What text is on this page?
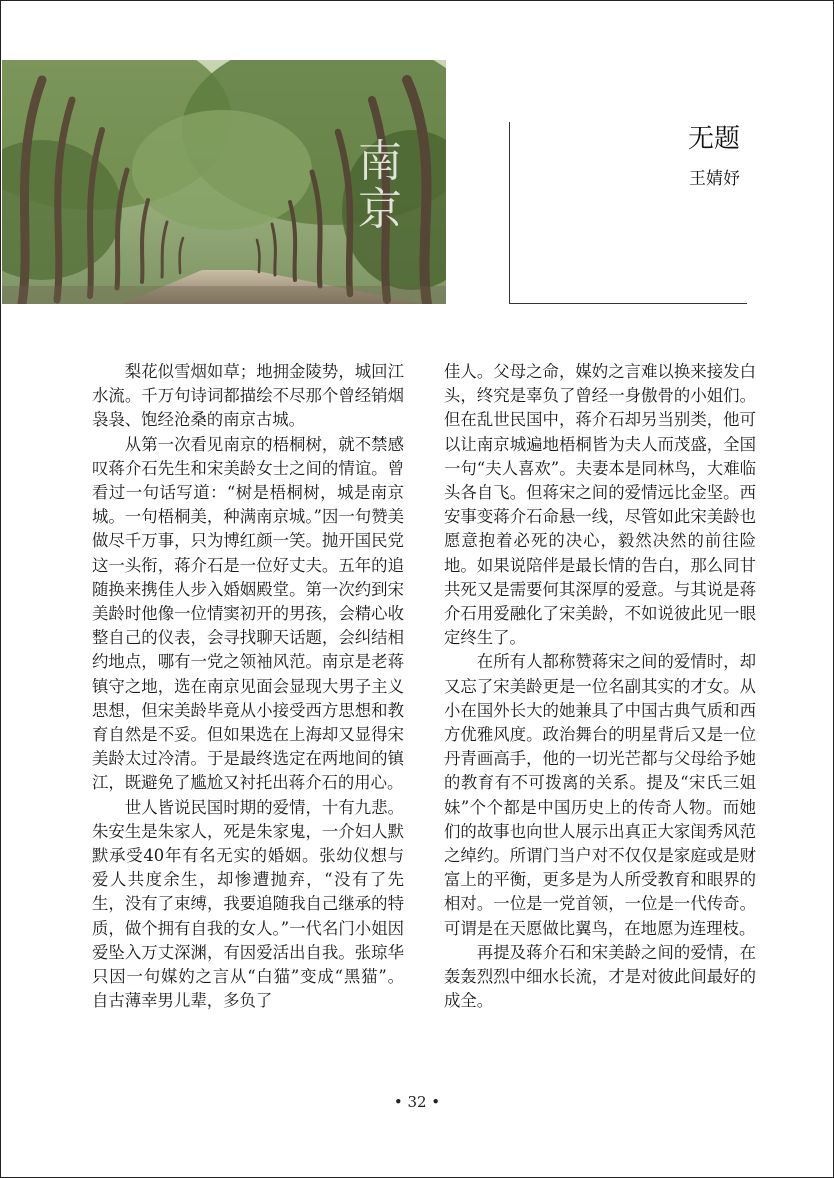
南京
无题
王婧妤

梨花似雪烟如草；地拥金陵势，城回江水流。千万句诗词都描绘不尽那个曾经销烟袅袅、饱经沧桑的南京古城。

从第一次看见南京的梧桐树，就不禁感叹蒋介石先生和宋美龄女士之间的情谊。曾看过一句话写道：“树是梧桐树，城是南京城。一句梧桐美，种满南京城。”因一句赞美做尽千万事，只为博红颜一笑。抛开国民党这一头衔，蒋介石是一位好丈夫。五年的追随换来携佳人步入婚姻殿堂。第一次约到宋美龄时他像一位情窦初开的男孩，会精心收整自己的仪表，会寻找聊天话题，会纠结相约地点，哪有一党之领袖风范。南京是老蒋镇守之地，选在南京见面会显现大男子主义思想，但宋美龄毕竟从小接受西方思想和教育自然是不妥。但如果选在上海却又显得宋美龄太过冷清。于是最终选定在两地间的镇江，既避免了尴尬又衬托出蒋介石的用心。

世人皆说民国时期的爱情，十有九悲。朱安生是朱家人，死是朱家鬼，一介妇人默默承受40年有名无实的婚姻。张幼仪想与爱人共度余生，却惨遭抛弃，“没有了先生，没有了束缚，我要追随我自己继承的特质，做个拥有自我的女人。”一代名门小姐因爱坠入万丈深渊，有因爱活出自我。张琼华只因一句媒妁之言从“白猫”变成“黑猫”。自古薄幸男儿辈，多负了

佳人。父母之命，媒妁之言难以换来接发白头，终究是辜负了曾经一身傲骨的小姐们。但在乱世民国中，蒋介石却另当别类，他可以让南京城遍地梧桐皆为夫人而茂盛，全国一句“夫人喜欢”。夫妻本是同林鸟，大难临头各自飞。但蒋宋之间的爱情远比金坚。西安事变蒋介石命悬一线，尽管如此宋美龄也愿意抱着必死的决心，毅然决然的前往险地。如果说陪伴是最长情的告白，那么同甘共死又是需要何其深厚的爱意。与其说是蒋介石用爱融化了宋美龄，不如说彼此见一眼定终生了。

在所有人都称赞蒋宋之间的爱情时，却又忘了宋美龄更是一位名副其实的才女。从小在国外长大的她兼具了中国古典气质和西方优雅风度。政治舞台的明星背后又是一位丹青画高手，他的一切光芒都与父母给予她的教育有不可拨离的关系。提及“宋氏三姐妹”个个都是中国历史上的传奇人物。而她们的故事也向世人展示出真正大家闺秀风范之绰约。所谓门当户对不仅仅是家庭或是财富上的平衡，更多是为人所受教育和眼界的相对。一位是一党首领，一位是一代传奇。可谓是在天愿做比翼鸟，在地愿为连理枝。

再提及蒋介石和宋美龄之间的爱情，在轰轰烈烈中细水长流，才是对彼此间最好的成全。

• 32 •
